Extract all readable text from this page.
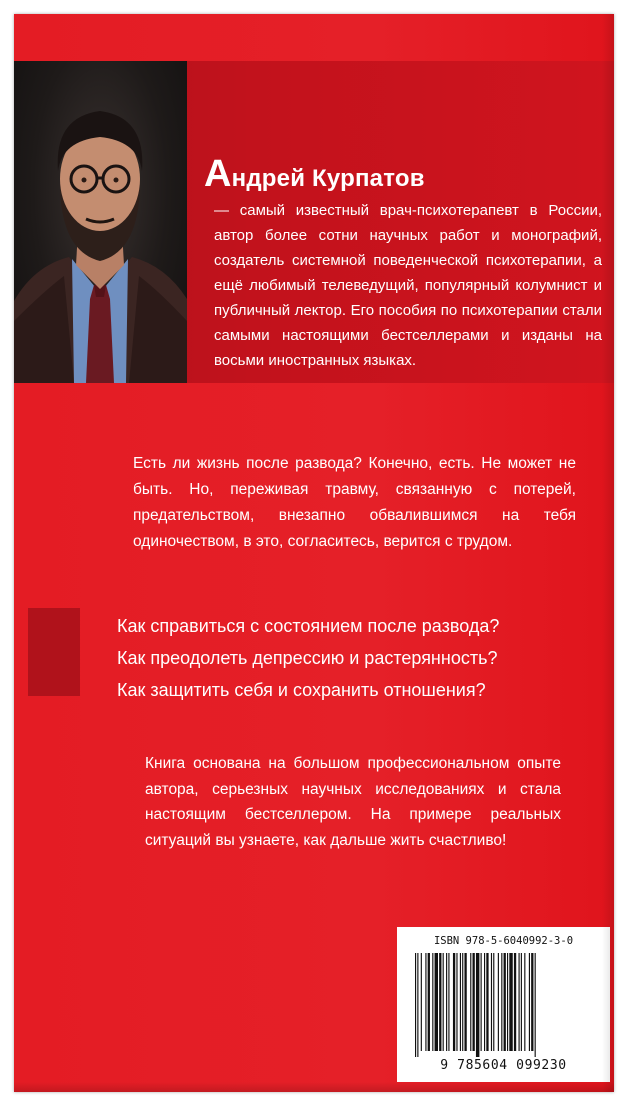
Андрей Курпатов

— самый известный врач-психотерапевт в России, автор более сотни научных работ и монографий, создатель системной поведенческой психотерапии, а ещё любимый телеведущий, популярный колумнист и публичный лектор. Его пособия по психотерапии стали самыми настоящими бестселлерами и изданы на восьми иностранных языках.

Есть ли жизнь после развода? Конечно, есть. Не может не быть. Но, переживая травму, связанную с потерей, предательством, внезапно обвалившимся на тебя одиночеством, в это, согласитесь, верится с трудом.

Как справиться с состоянием после развода?
Как преодолеть депрессию и растерянность?
Как защитить себя и сохранить отношения?

Книга основана на большом профессиональном опыте автора, серьезных научных исследованиях и стала настоящим бестселлером. На примере реальных ситуаций вы узнаете, как дальше жить счастливо!

ISBN 978-5-6040992-3-0

9 785604 099230
